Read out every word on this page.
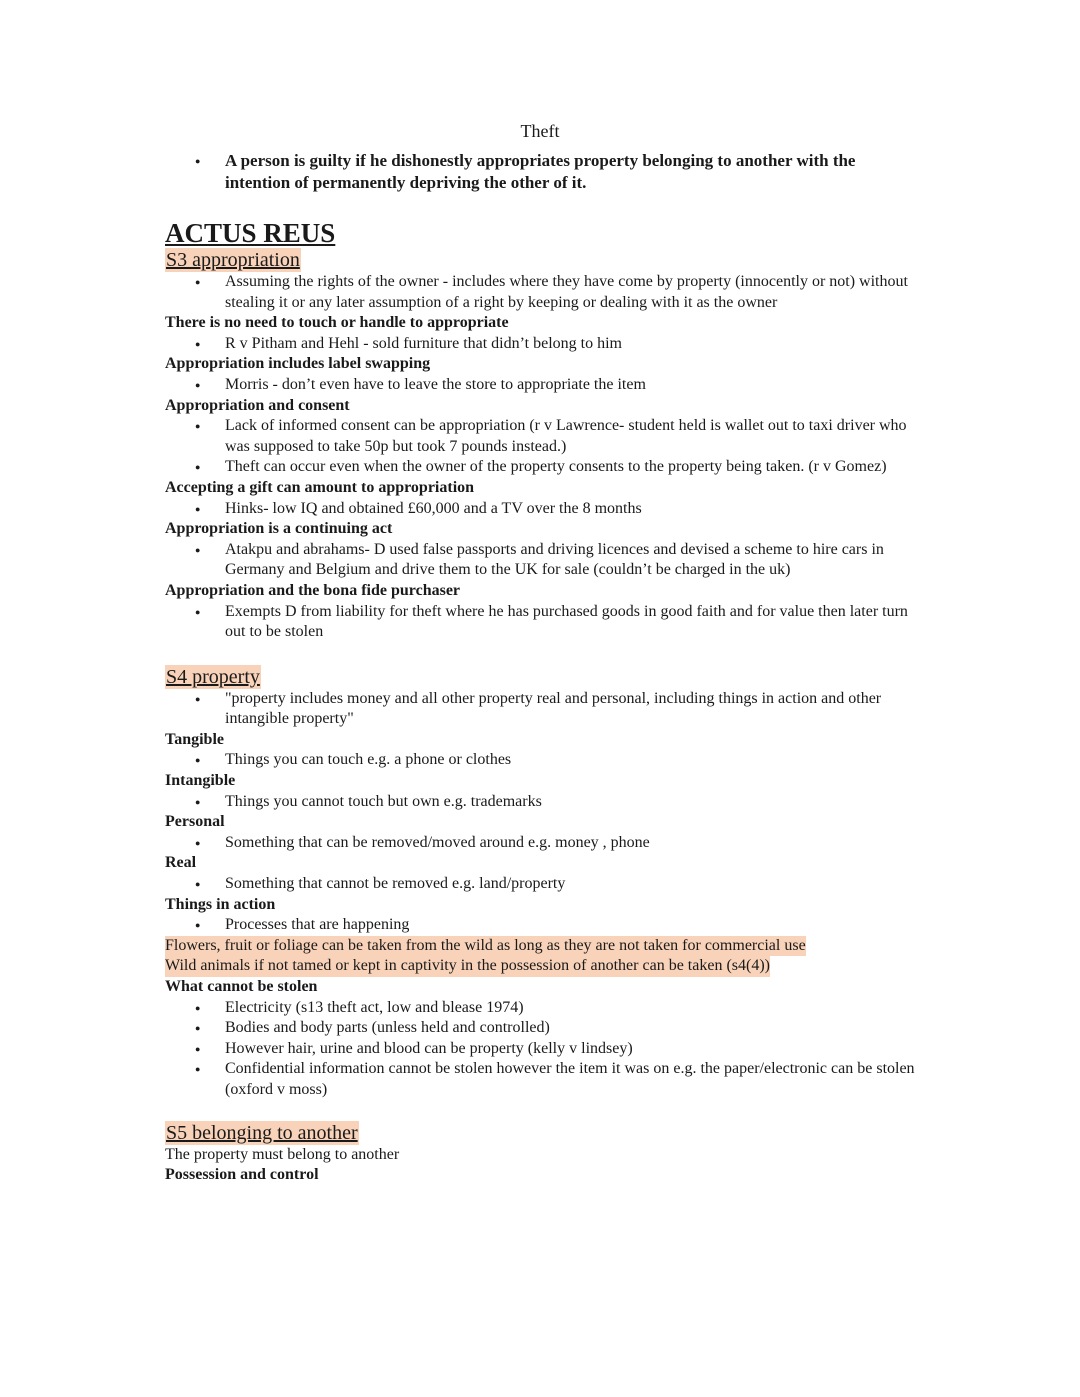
Theft
● A person is guilty if he dishonestly appropriates property belonging to another with the intention of permanently depriving the other of it.
ACTUS REUS
S3 appropriation
● Assuming the rights of the owner - includes where they have come by property (innocently or not) without stealing it or any later assumption of a right by keeping or dealing with it as the owner
There is no need to touch or handle to appropriate
● R v Pitham and Hehl - sold furniture that didn’t belong to him
Appropriation includes label swapping
● Morris - don’t even have to leave the store to appropriate the item
Appropriation and consent
● Lack of informed consent can be appropriation (r v Lawrence- student held is wallet out to taxi driver who was supposed to take 50p but took 7 pounds instead.)
● Theft can occur even when the owner of the property consents to the property being taken. (r v Gomez)
Accepting a gift can amount to appropriation
● Hinks- low IQ and obtained £60,000 and a TV over the 8 months
Appropriation is a continuing act
● Atakpu and abrahams- D used false passports and driving licences and devised a scheme to hire cars in Germany and Belgium and drive them to the UK for sale (couldn’t be charged in the uk)
Appropriation and the bona fide purchaser
● Exempts D from liability for theft where he has purchased goods in good faith and for value then later turn out to be stolen
S4 property
● "property includes money and all other property real and personal, including things in action and other intangible property"
Tangible
● Things you can touch e.g. a phone or clothes
Intangible
● Things you cannot touch but own e.g. trademarks
Personal
● Something that can be removed/moved around e.g. money , phone
Real
● Something that cannot be removed e.g. land/property
Things in action
● Processes that are happening
Flowers, fruit or foliage can be taken from the wild as long as they are not taken for commercial use
Wild animals if not tamed or kept in captivity in the possession of another can be taken (s4(4))
What cannot be stolen
● Electricity (s13 theft act, low and blease 1974)
● Bodies and body parts (unless held and controlled)
● However hair, urine and blood can be property (kelly v lindsey)
● Confidential information cannot be stolen however the item it was on e.g. the paper/electronic can be stolen (oxford v moss)
S5 belonging to another
The property must belong to another
Possession and control
